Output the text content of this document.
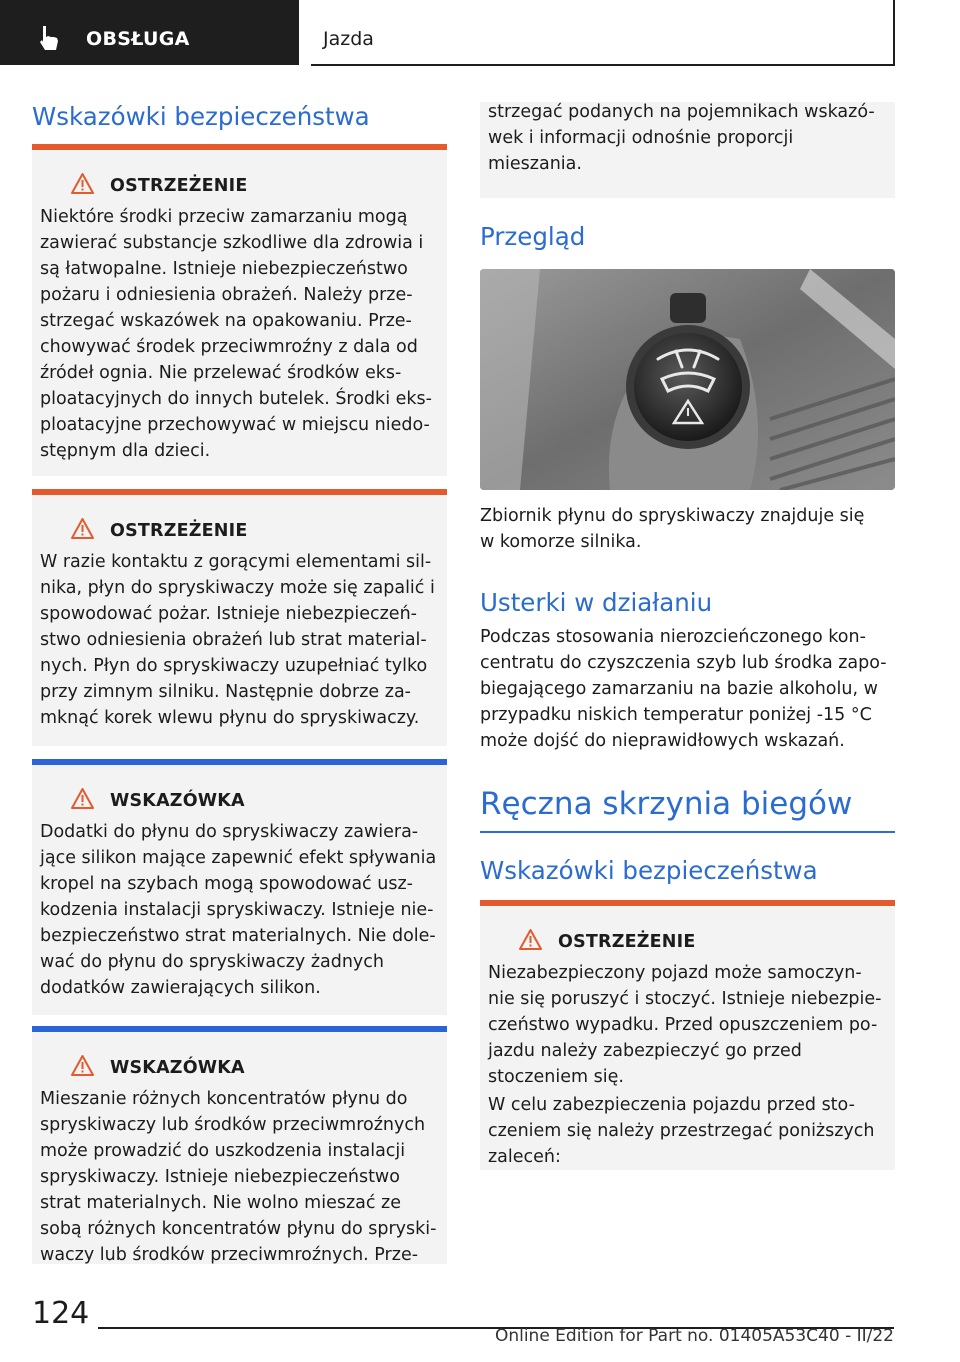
OBSŁUGA	Jazda
Wskazówki bezpieczeństwa
OSTRZEŻENIE
Niektóre środki przeciw zamarzaniu mogą
zawierać substancje szkodliwe dla zdrowia i
są łatwopalne. Istnieje niebezpieczeństwo
pożaru i odniesienia obrażeń. Należy prze-
strzegać wskazówek na opakowaniu. Prze-
chowywać środek przeciwmroźny z dala od
źródeł ognia. Nie przelewać środków eks-
ploatacyjnych do innych butelek. Środki eks-
ploatacyjne przechowywać w miejscu niedo-
stępnym dla dzieci.
OSTRZEŻENIE
W razie kontaktu z gorącymi elementami sil-
nika, płyn do spryskiwaczy może się zapalić i
spowodować pożar. Istnieje niebezpieczeń-
stwo odniesienia obrażeń lub strat material-
nych. Płyn do spryskiwaczy uzupełniać tylko
przy zimnym silniku. Następnie dobrze za-
mknąć korek wlewu płynu do spryskiwaczy.
WSKAZÓWKA
Dodatki do płynu do spryskiwaczy zawiera-
jące silikon mające zapewnić efekt spływania
kropel na szybach mogą spowodować usz-
kodzenia instalacji spryskiwaczy. Istnieje nie-
bezpieczeństwo strat materialnych. Nie dole-
wać do płynu do spryskiwaczy żadnych
dodatków zawierających silikon.
WSKAZÓWKA
Mieszanie różnych koncentratów płynu do
spryskiwaczy lub środków przeciwmroźnych
może prowadzić do uszkodzenia instalacji
spryskiwaczy. Istnieje niebezpieczeństwo
strat materialnych. Nie wolno mieszać ze
sobą różnych koncentratów płynu do spryski-
waczy lub środków przeciwmroźnych. Prze-
strzegać podanych na pojemnikach wskazó-
wek i informacji odnośnie proporcji
mieszania.
Przegląd
Zbiornik płynu do spryskiwaczy znajduje się
w komorze silnika.
Usterki w działaniu
Podczas stosowania nierozcieńczonego kon-
centratu do czyszczenia szyb lub środka zapo-
biegającego zamarzaniu na bazie alkoholu, w
przypadku niskich temperatur poniżej -15 °C
może dojść do nieprawidłowych wskazań.
Ręczna skrzynia biegów
Wskazówki bezpieczeństwa
OSTRZEŻENIE
Niezabezpieczony pojazd może samoczyn-
nie się poruszyć i stoczyć. Istnieje niebezpie-
czeństwo wypadku. Przed opuszczeniem po-
jazdu należy zabezpieczyć go przed
stoczeniem się.
W celu zabezpieczenia pojazdu przed sto-
czeniem się należy przestrzegać poniższych
zaleceń:
124
Online Edition for Part no. 01405A53C40 - II/22
